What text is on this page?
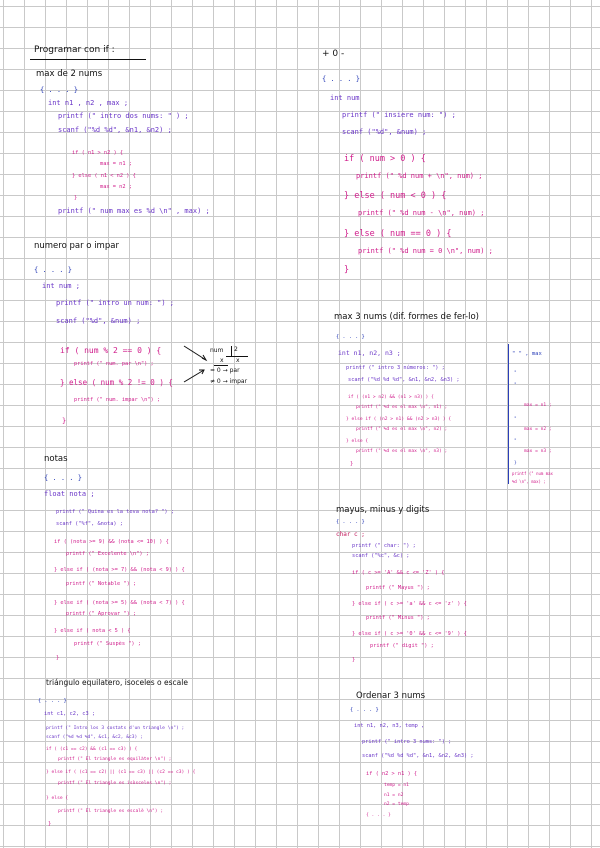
Programar con if :
max de 2 nums
{ . . . }
int n1 , n2 , max ;
printf (" intro dos nums: " ) ;
scanf ("%d %d", &n1, &n2) ;
if ( n1 > n2 ) {
max = n1 ;
} else ( n1 < n2 ) {
max = n2 ;
}
printf (" num max es %d \n" , max) ;
numero par o impar
{ . . . }
int num ;
printf (" intro un num: ") ;
scanf ("%d", &num) ;
if ( num % 2 == 0 ) {
printf (" num. par \n") ;
} else ( num % 2 != 0 ) {
printf (" num. impar \n") ;
}
num 2
x x
= 0 → par
≠ 0 → impar
notas
{ . . . }
float nota ;
printf (" Quina es la teva nota? ") ;
scanf ("%f", &nota) ;
if ( (nota >= 9) && (nota <= 10) ) {
printf (" Excelente \n") ;
} else if ( (nota >= 7) && (nota < 9) ) {
printf (" Notable ") ;
} else if ( (nota >= 5) && (nota < 7) ) {
printf (" Aprovar ") ;
} else if ( nota < 5 ) {
printf (" Suspès ") ;
}
triángulo equilatero, isoceles o escale
{ . . . }
int c1, c2, c3 ;
printf (" Intro los 3 costats d'un triangle \n") ;
scanf ("%d %d %d", &c1, &c2, &c3) ;
if ( (c1 == c2) && (c1 == c3) ) {
printf (" El triangle es equilàter \n") ;
} else if ( (c1 == c2) || (c1 == c3) || (c2 == c3) ) {
printf (" El triangle es isòsceles \n") ;
} else {
printf (" El triangle es escalè \n") ;
}
+ 0 -
{ . . . }
int num
printf (" insiere num: ") ;
scanf ("%d", &num) ;
if ( num > 0 ) {
printf (" %d num + \n", num) ;
} else ( num < 0 ) {
printf (" %d num - \n", num) ;
} else ( num == 0 ) {
printf (" %d num = 0 \n", num) ;
}
max 3 nums (dif. formes de fer-lo)
{ . . . }
int n1, n2, n3 ;
printf (" intro 3 números: ") ;
scanf ("%d %d %d", &n1, &n2, &n3) ;
if ( (n1 > n2) && (n1 > n3) ) {
printf (" %d es el max \n", n1) ;
} else if ( (n2 > n1) && (n2 > n3) ) {
printf (" %d es el max \n", n2) ;
} else {
printf (" %d es el max \n", n3) ;
}
" " , max
"
"
max = n1 ;
"
max = n2 ;
"
max = n3 ;
}
printf (" num max
%d \n", max) ;
mayus, minus y digits
{ . . . }
char c ;
printf (" char: ") ;
scanf ("%c", &c) ;
if ( c >= 'A' && c <= 'Z' ) {
printf (" Mayus ") ;
} else if ( c >= 'a' && c <= 'z' ) {
printf (" Minus ") ;
} else if ( c >= '0' && c <= '9' ) {
printf (" digit ") ;
}
Ordenar 3 nums
{ . . . }
int n1, n2, n3, temp ,
printf (" intro 3 nums: ") ;
scanf ("%d %d %d", &n1, &n2, &n3) ;
if ( n2 > n1 ) {
temp = n1
n1 = n2
n2 = temp
{ . . . }
